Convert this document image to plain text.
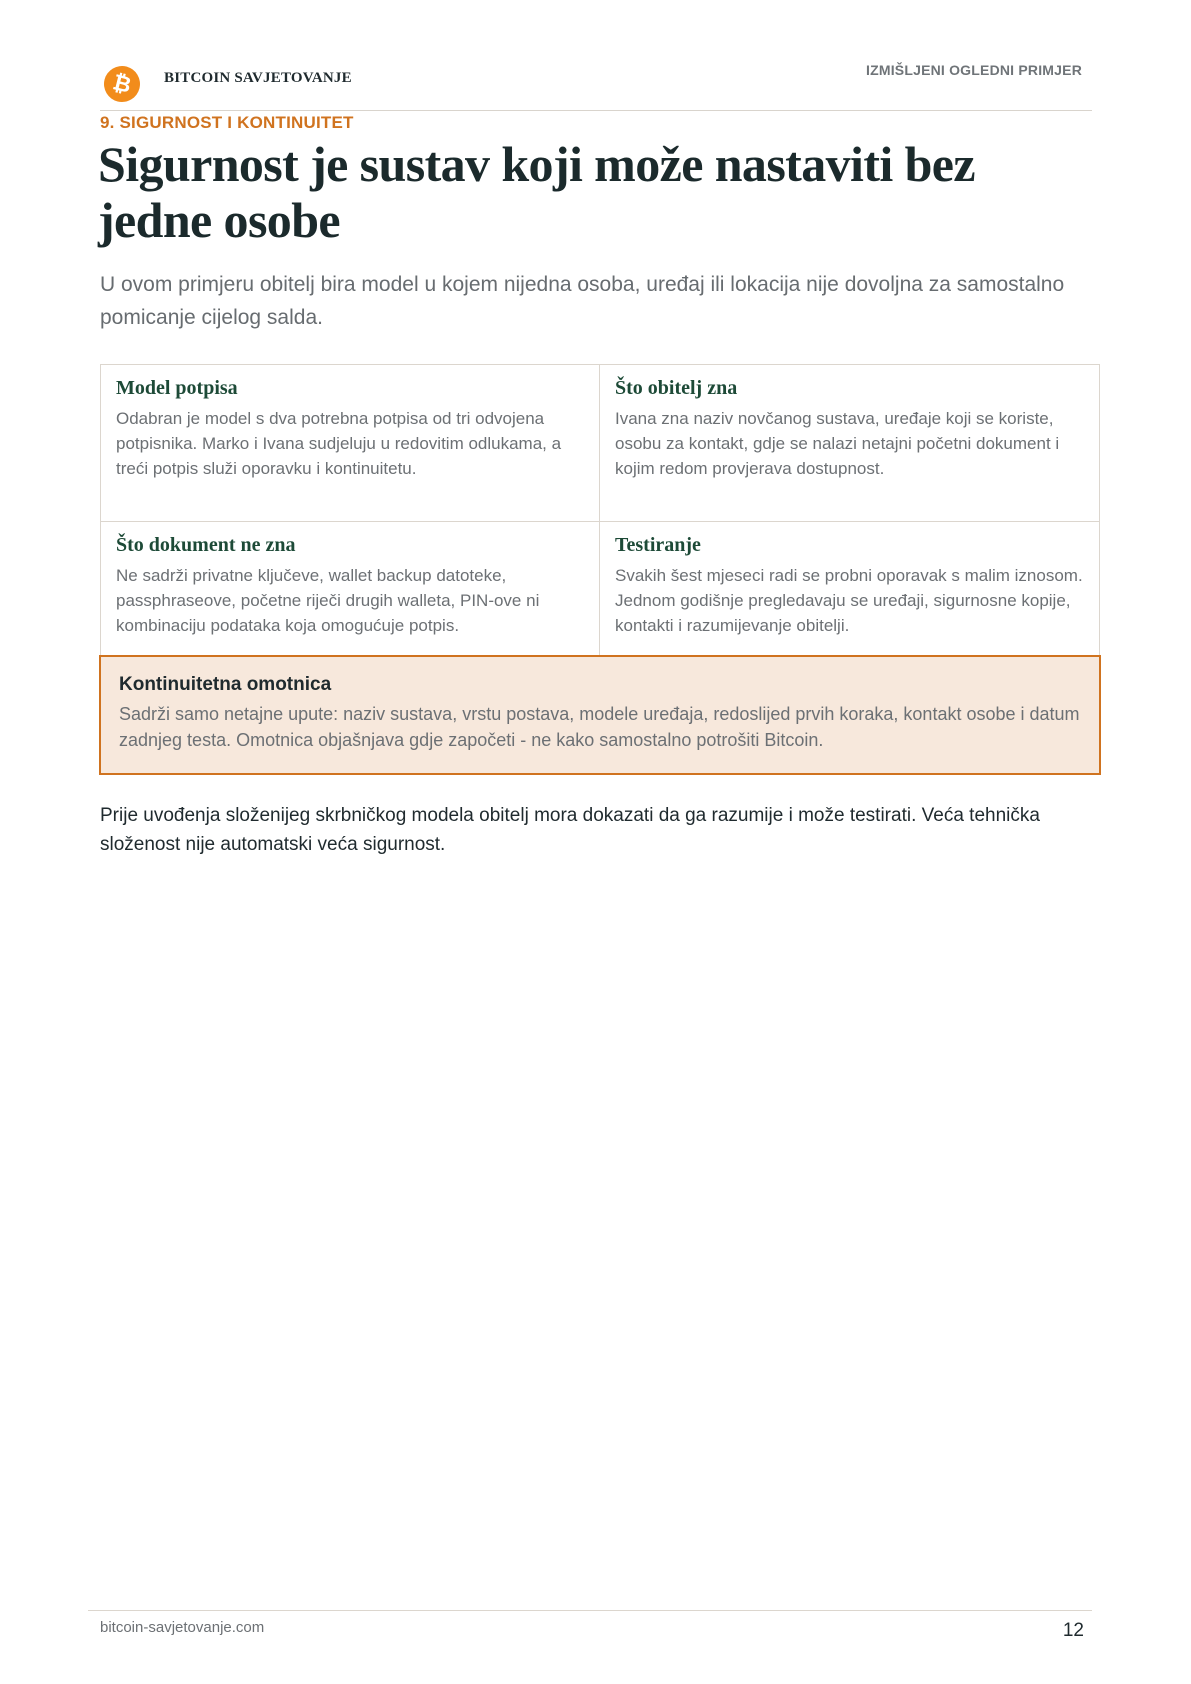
₿	BITCOIN SAVJETOVANJE	IZMIŠLJENI OGLEDNI PRIMJER
9. SIGURNOST I KONTINUITET
Sigurnost je sustav koji može nastaviti bez jedne osobe

U ovom primjeru obitelj bira model u kojem nijedna osoba, uređaj ili lokacija nije dovoljna za samostalno pomicanje cijelog salda.

Model potpisa

Odabran je model s dva potrebna potpisa od tri odvojena potpisnika. Marko i Ivana sudjeluju u redovitim odlukama, a treći potpis služi oporavku i kontinuitetu.

Što obitelj zna

Ivana zna naziv novčanog sustava, uređaje koji se koriste, osobu za kontakt, gdje se nalazi netajni početni dokument i kojim redom provjerava dostupnost.

Što dokument ne zna

Ne sadrži privatne ključeve, wallet backup datoteke, passphraseove, početne riječi drugih walleta, PIN-ove ni kombinaciju podataka koja omogućuje potpis.

Testiranje

Svakih šest mjeseci radi se probni oporavak s malim iznosom. Jednom godišnje pregledavaju se uređaji, sigurnosne kopije, kontakti i razumijevanje obitelji.

Kontinuitetna omotnica

Sadrži samo netajne upute: naziv sustava, vrstu postava, modele uređaja, redoslijed prvih koraka, kontakt osobe i datum zadnjeg testa. Omotnica objašnjava gdje započeti - ne kako samostalno potrošiti Bitcoin.

Prije uvođenja složenijeg skrbničkog modela obitelj mora dokazati da ga razumije i može testirati. Veća tehnička složenost nije automatski veća sigurnost.

bitcoin-savjetovanje.com	12
